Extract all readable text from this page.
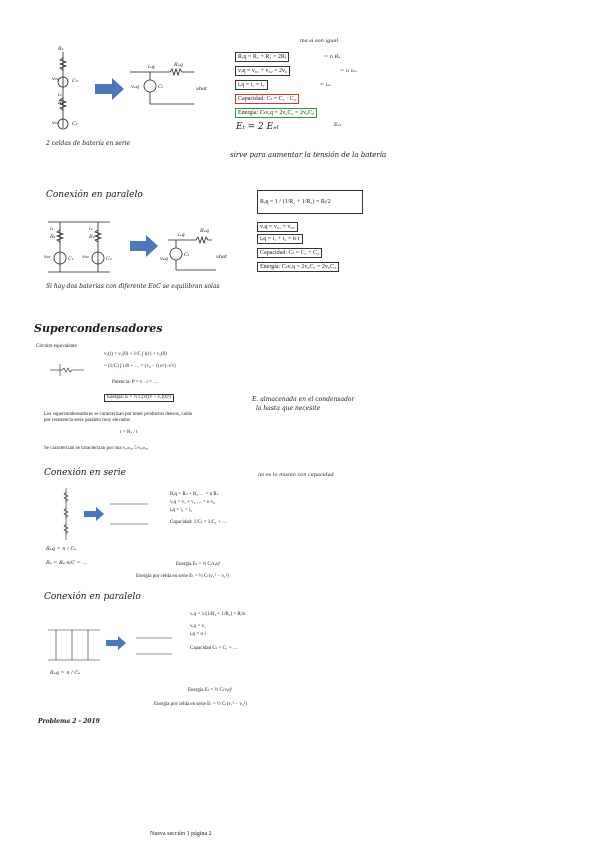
R₁
v₀₁	C₂
i₂
R₂
v₀₂	C₁
Rₑq
iₑq
vₑq	Cₜ	vbat
2 celdas de batería en serie
ma si son igual
Rₑq = R₁ + R₂ = 2Rⱼ
vₑq = v₀₁ + v₀₂ = 2v₀
iₑq = i₁ = i₂
Capacidad: Cₜ = C₁ · C₂
Energía: Cₜvₑq = 2v₀C₁ = 2v₀C₂
= n Rₑ
= n vₑₓ
= iₑₓ
Eₜ = 2 Eₑₗ	Eₑₗ
sirve para aumentar la tensión de la batería
Conexión en paralelo
i₁
R₁
i₂
R₂
v₀₁	C₁ v₀₂	C₂
iₑq
Rₑq
vₑq
Cₜ	vbat
Rₑq = 1 / (1/R₁ + 1/R₂) = Rⱼ/2
vₑq = v₀₁ = v₀₂
iₑq = i₁ + i₂ = n·i
Capacidad: Cₜ = C₁ + C₂
Energía: Cₜvₑq = 2v₀C₁ = 2v₀C₂
Si hay dos baterías con diferente EoC se equilibran solas
Supercondensadores
Circuito equivalente
v꜀(t) = v꜀(0) + 1/C ∫ i(τ) + v꜀(0)
= (1/C) ∫ i dt + … = (v₀ − t) e^(−t/τ)
Potencia: P = v · i = …
Energía: E = ½ C(v(t)² − v꜀(0)²)	E. almacenada en el condensador
la hasta que necesite
Los supercondensadores se caracterizan por tener productos densos, caída
por resistencia serie paralelo muy elevados
r = Rₛ / t
Se caracterizan se caracterizan por una v꜀ₘₐₓ 5 v꜀ₘₐₓ
Conexión en serie	no es lo mismo con capacidad
Rₑq = Rₛ + R₂ … = n Rₛ
vₑq = v₁ + v₂ … = n v₀
iₑq = i₁ = i₂
Capacidad: 1/Cₜ = 1/C₁ + …
Energía Eₜ = ½ Cₜvₑq²
Energía por celda en serie Eₜ = ½ Cₜ(v₁² − v₂²)
Rₑq = n / Cₑ
Rₑ = Rₑ·n/C = …
Conexión en paralelo
vₑq = 1/(1/R₁ + 1/R₂) = Rⱼ/n
vₑq = v₁
iₑq = n·i
Capacidad Cₜ = C₁ + …
Energía Eₜ = ½ Cₜvₑq²
Energía por celda en serie Eₜ = ½ Cₜ(v₁² − v₂²)
Rₑq = n / Cₑ
Problema 2 - 2019
Nueva sección 1 página 2
